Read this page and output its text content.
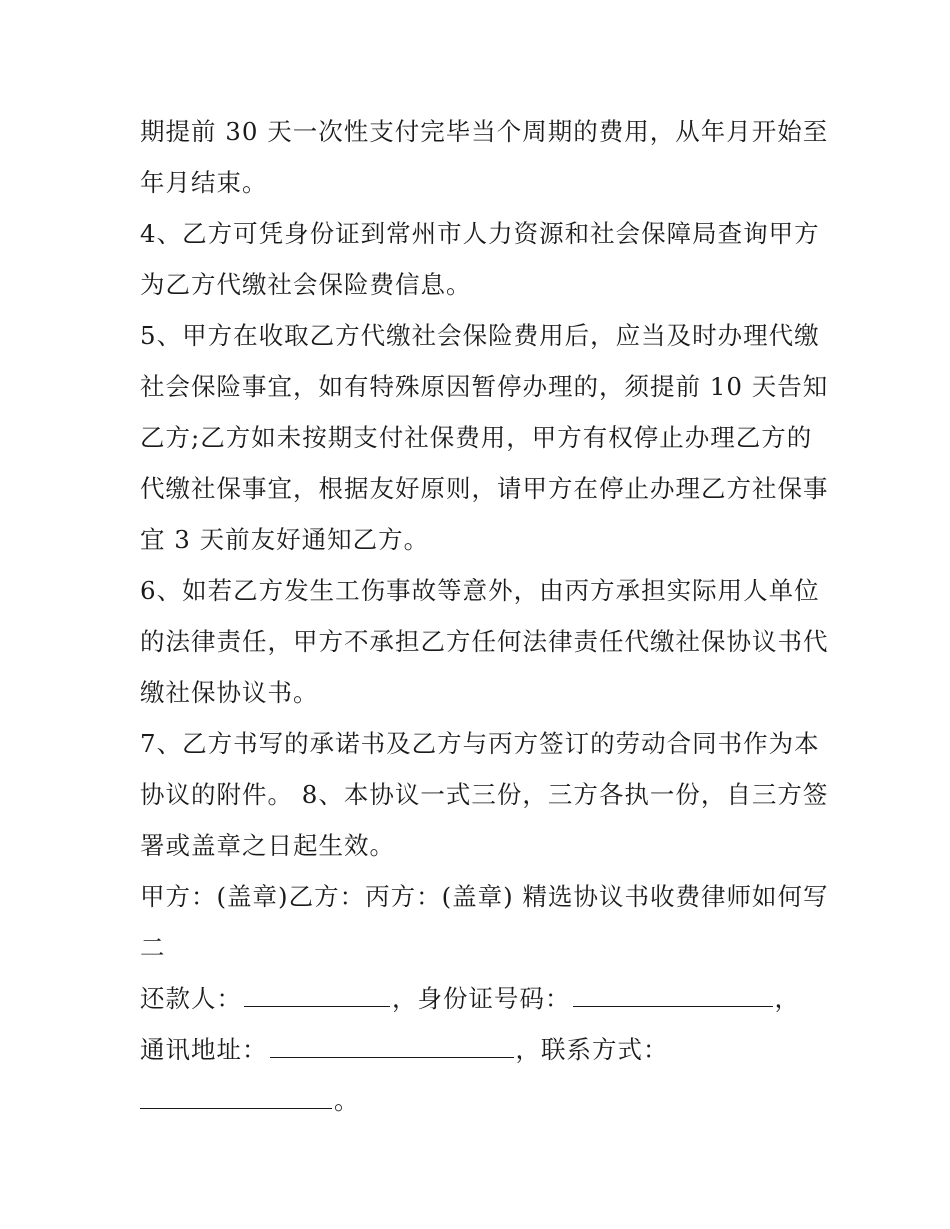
期提前 30 天一次性支付完毕当个周期的费用，从年月开始至
年月结束。
4、乙方可凭身份证到常州市人力资源和社会保障局查询甲方
为乙方代缴社会保险费信息。
5、甲方在收取乙方代缴社会保险费用后，应当及时办理代缴
社会保险事宜，如有特殊原因暂停办理的，须提前 10 天告知
乙方;乙方如未按期支付社保费用，甲方有权停止办理乙方的
代缴社保事宜，根据友好原则，请甲方在停止办理乙方社保事
宜 3 天前友好通知乙方。
6、如若乙方发生工伤事故等意外，由丙方承担实际用人单位
的法律责任，甲方不承担乙方任何法律责任代缴社保协议书代
缴社保协议书。
7、乙方书写的承诺书及乙方与丙方签订的劳动合同书作为本
协议的附件。 8、本协议一式三份，三方各执一份，自三方签
署或盖章之日起生效。
甲方：(盖章)乙方：丙方：(盖章) 精选协议书收费律师如何写
二
还款人：	，身份证号码：	，
通讯地址：	，联系方式：
。
